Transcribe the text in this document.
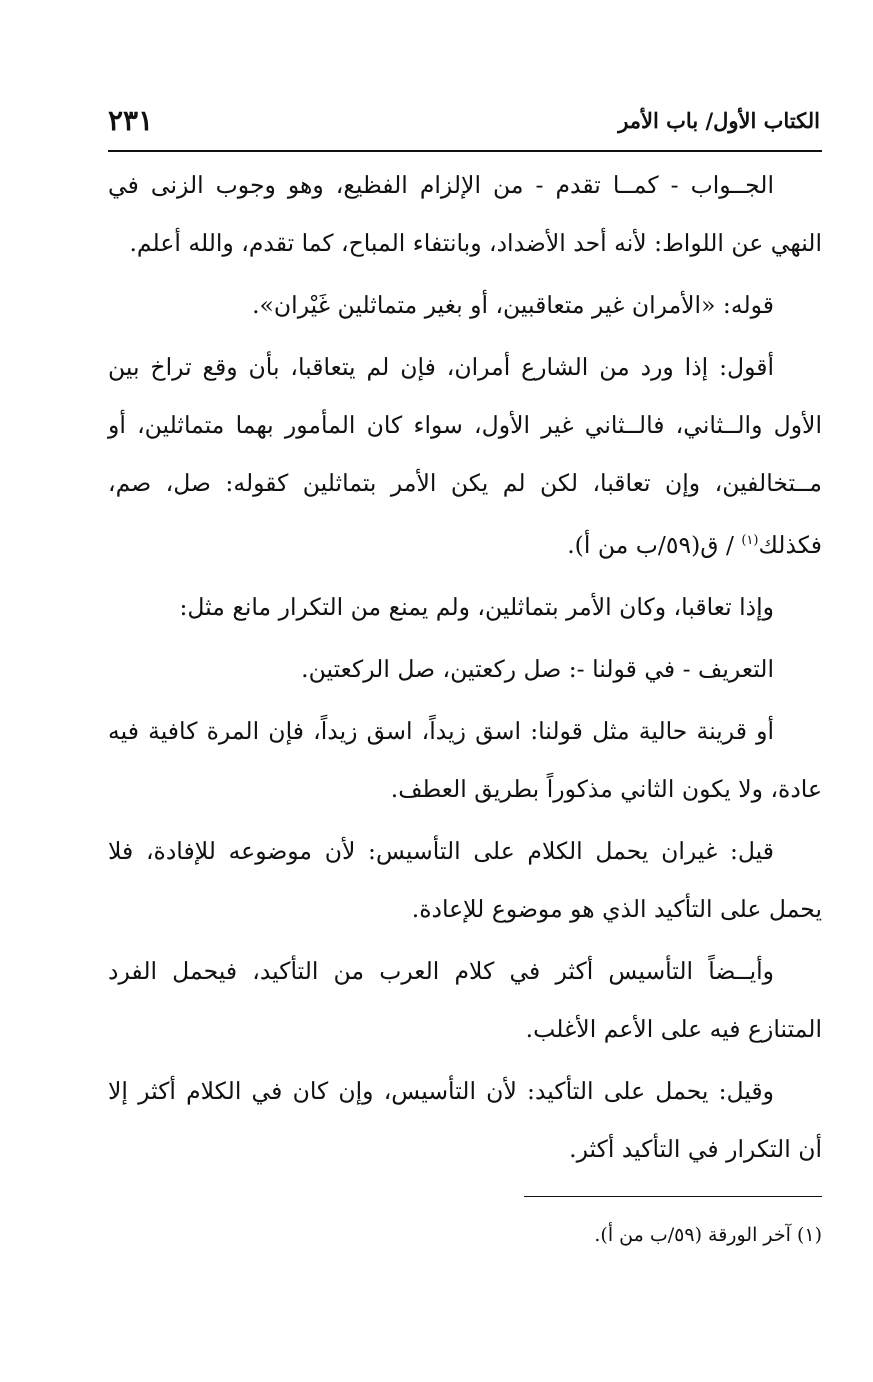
الكتاب الأول/ باب الأمر
٢٣١

الجــواب - كمــا تقدم - من الإلزام الفظيع، وهو وجوب الزنى في النهي عن اللواط: لأنه أحد الأضداد، وبانتفاء المباح، كما تقدم، والله أعلم.

قوله: «الأمران غير متعاقبين، أو بغير متماثلين غَيْران».

أقول: إذا ورد من الشارع أمران، فإن لم يتعاقبا، بأن وقع تراخ بين الأول والــثاني، فالــثاني غير الأول، سواء كان المأمور بهما متماثلين، أو مــتخالفين، وإن تعاقبا، لكن لم يكن الأمر بتماثلين كقوله: صل، صم، فكذلك$^{(١)}$ / ق(٥٩/ب من أ).

وإذا تعاقبا، وكان الأمر بتماثلين، ولم يمنع من التكرار مانع مثل:

التعريف - في قولنا -: صل ركعتين، صل الركعتين.

أو قرينة حالية مثل قولنا: اسق زيداً، اسق زيداً، فإن المرة كافية فيه عادة، ولا يكون الثاني مذكوراً بطريق العطف.

قيل: غيران يحمل الكلام على التأسيس: لأن موضوعه للإفادة، فلا يحمل على التأكيد الذي هو موضوع للإعادة.

وأيــضاً التأسيس أكثر في كلام العرب من التأكيد، فيحمل الفرد المتنازع فيه على الأعم الأغلب.

وقيل: يحمل على التأكيد: لأن التأسيس، وإن كان في الكلام أكثر إلا أن التكرار في التأكيد أكثر.

(١) آخر الورقة (٥٩/ب من أ).
